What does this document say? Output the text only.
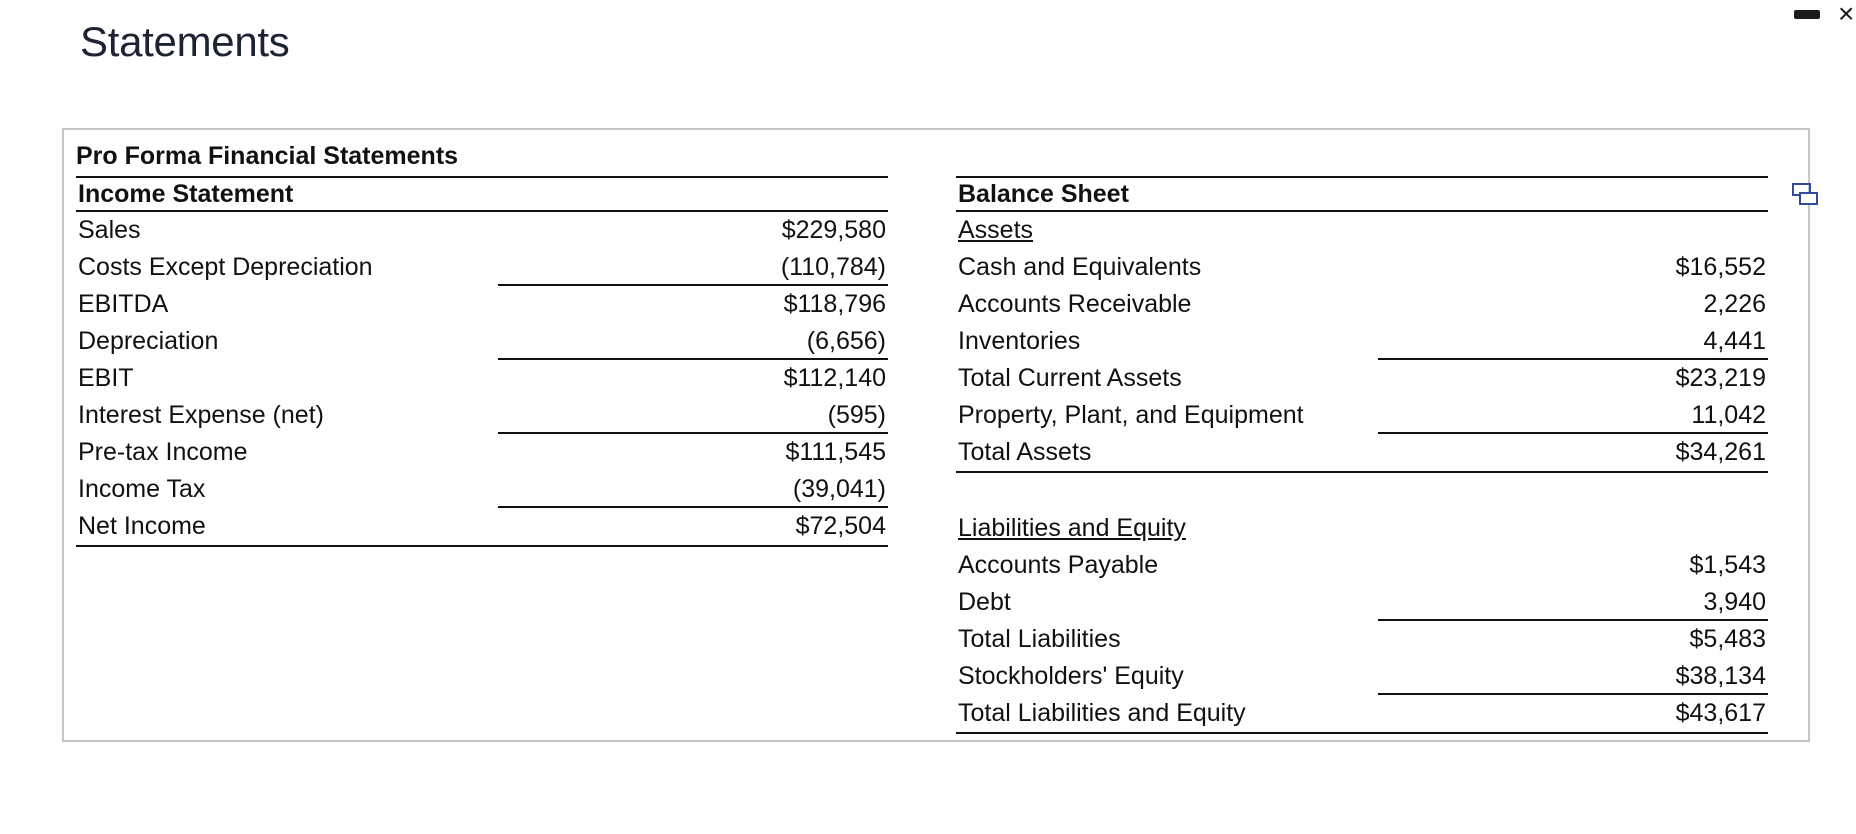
Statements
×
Pro Forma Financial Statements
Income Statement
Sales	$229,580
Costs Except Depreciation	(110,784)
EBITDA	$118,796
Depreciation	(6,656)
EBIT	$112,140
Interest Expense (net)	(595)
Pre-tax Income	$111,545
Income Tax	(39,041)
Net Income	$72,504
Balance Sheet
Assets
Cash and Equivalents	$16,552
Accounts Receivable	2,226
Inventories	4,441
Total Current Assets	$23,219
Property, Plant, and Equipment	11,042
Total Assets	$34,261
Liabilities and Equity
Accounts Payable	$1,543
Debt	3,940
Total Liabilities	$5,483
Stockholders' Equity	$38,134
Total Liabilities and Equity	$43,617
